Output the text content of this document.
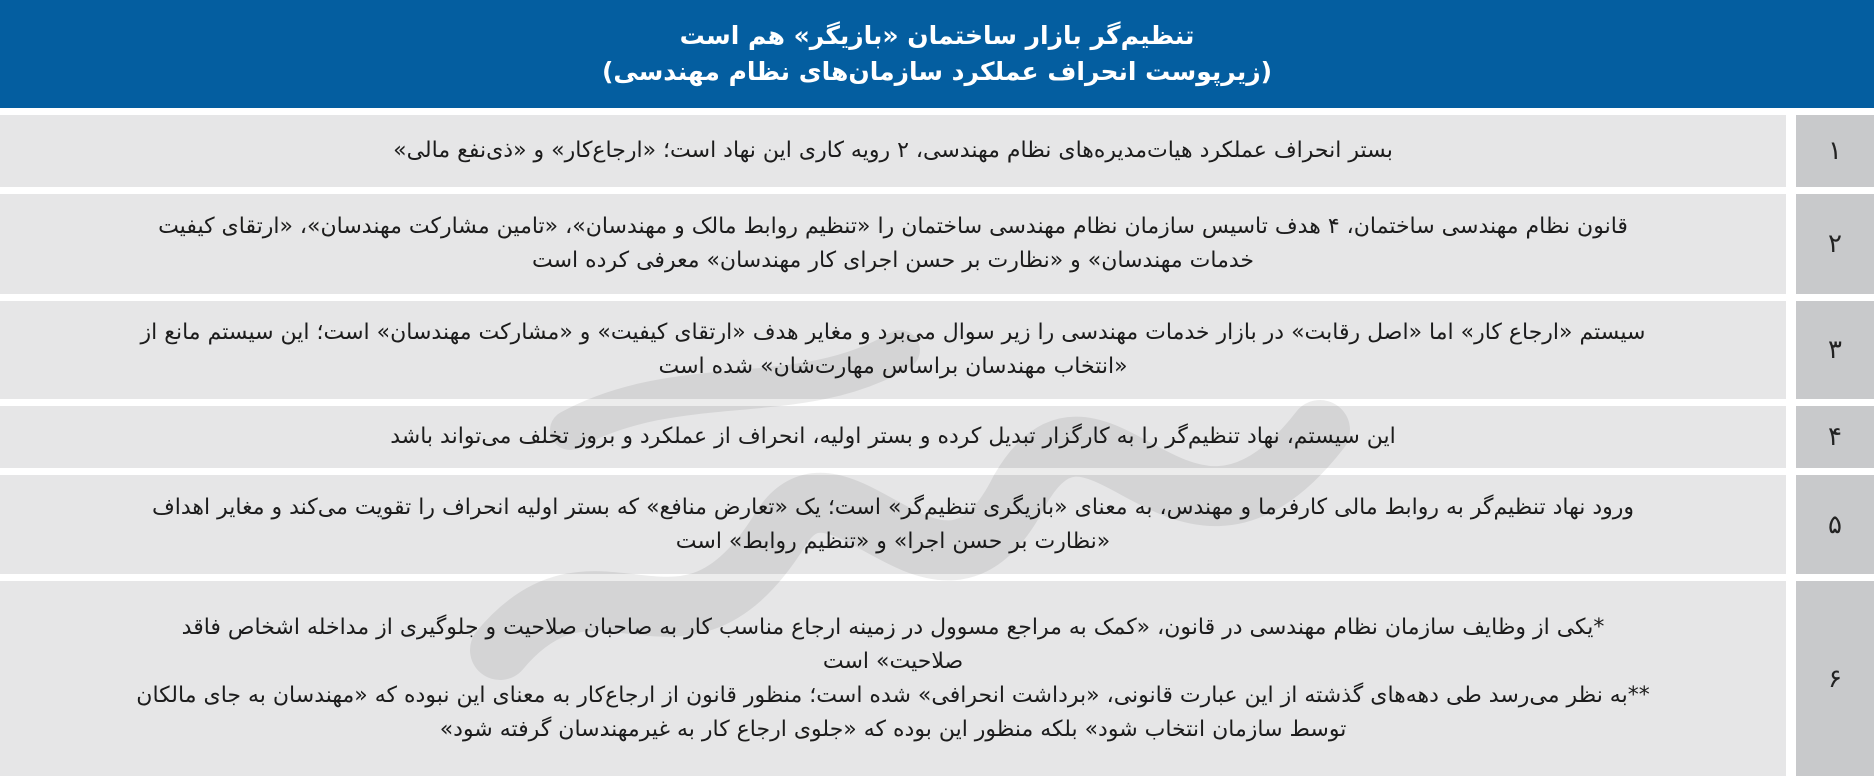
تنظیم‌گر بازار ساختمان «بازیگر» هم است
(زیرپوست انحراف عملکرد سازمان‌های نظام مهندسی)
بستر انحراف عملکرد هیات‌مدیره‌های نظام مهندسی، ۲ رویه کاری این نهاد است؛ «ارجاع‌کار» و «ذی‌نفع مالی»	۱
قانون نظام مهندسی ساختمان، ۴ هدف تاسیس سازمان نظام مهندسی ساختمان را «تنظیم روابط مالک و مهندسان»، «تامین مشارکت مهندسان»، «ارتقای کیفیت
خدمات مهندسان» و «نظارت بر حسن اجرای کار مهندسان» معرفی کرده است
۲
سیستم «ارجاع کار» اما «اصل رقابت» در بازار خدمات مهندسی را زیر سوال می‌برد و مغایر هدف «ارتقای کیفیت» و «مشارکت مهندسان» است؛ این سیستم مانع از
«انتخاب مهندسان براساس مهارت‌شان» شده است
۳
این سیستم، نهاد تنظیم‌گر را به کارگزار تبدیل کرده و بستر اولیه، انحراف از عملکرد و بروز تخلف می‌تواند باشد	۴
ورود نهاد تنظیم‌گر به روابط مالی کارفرما و مهندس، به معنای «بازیگری تنظیم‌گر» است؛ یک «تعارض منافع» که بستر اولیه انحراف را تقویت می‌کند و مغایر اهداف
«نظارت بر حسن اجرا» و «تنظیم روابط» است
۵
*یکی از وظایف سازمان نظام مهندسی در قانون، «کمک به مراجع مسوول در زمینه ارجاع مناسب کار به صاحبان صلاحیت و جلوگیری از مداخله اشخاص فاقد
صلاحیت» است
**به نظر می‌رسد طی دهه‌های گذشته از این عبارت قانونی، «برداشت انحرافی» شده است؛ منظور قانون از ارجاع‌کار به معنای این نبوده که «مهندسان به جای مالکان
توسط سازمان انتخاب شود» بلکه منظور این بوده که «جلوی ارجاع کار به غیرمهندسان گرفته شود»
۶
